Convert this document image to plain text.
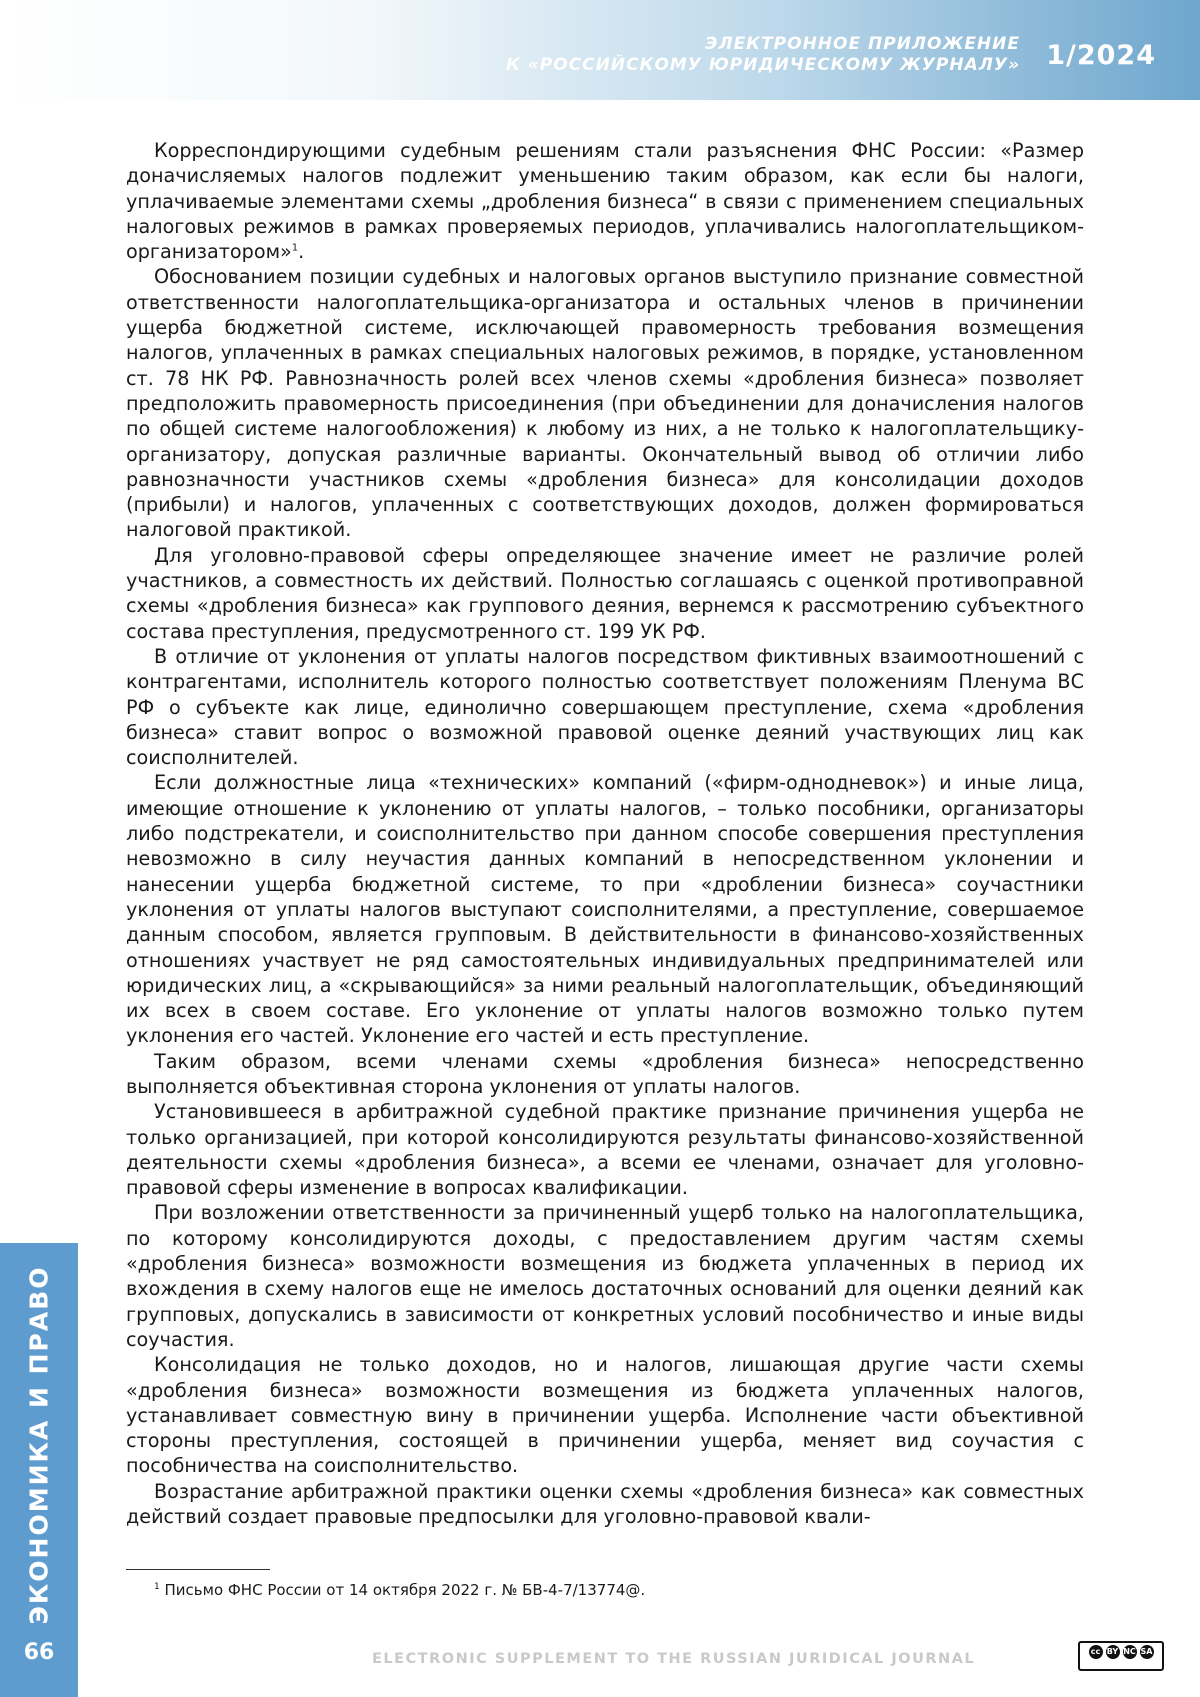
ЭЛЕКТРОННОЕ ПРИЛОЖЕНИЕ
К «РОССИЙСКОМУ ЮРИДИЧЕСКОМУ ЖУРНАЛУ» 1/2024
ЭКОНОМИКА И ПРАВО
66

Корреспондирующими судебным решениям стали разъяснения ФНС России: «Размер доначисляемых налогов подлежит уменьшению таким образом, как если бы налоги, уплачиваемые элементами схемы „дробления бизнеса“ в связи с применением специальных налоговых режимов в рамках проверяемых периодов, уплачивались налогоплательщиком-организатором»$^1$.

Обоснованием позиции судебных и налоговых органов выступило признание совместной ответственности налогоплательщика-организатора и остальных членов в причинении ущерба бюджетной системе, исключающей правомерность требования возмещения налогов, уплаченных в рамках специальных налоговых режимов, в порядке, установленном ст. 78 НК РФ. Равнозначность ролей всех членов схемы «дробления бизнеса» позволяет предположить правомерность присоединения (при объединении для доначисления налогов по общей системе налогообложения) к любому из них, а не только к налогоплательщику-организатору, допуская различные варианты. Окончательный вывод об отличии либо равнозначности участников схемы «дробления бизнеса» для консолидации доходов (прибыли) и налогов, уплаченных с соответствующих доходов, должен формироваться налоговой практикой.

Для уголовно-правовой сферы определяющее значение имеет не различие ролей участников, а совместность их действий. Полностью соглашаясь с оценкой противоправной схемы «дробления бизнеса» как группового деяния, вернемся к рассмотрению субъектного состава преступления, предусмотренного ст. 199 УК РФ.

В отличие от уклонения от уплаты налогов посредством фиктивных взаимоотношений с контрагентами, исполнитель которого полностью соответствует положениям Пленума ВС РФ о субъекте как лице, единолично совершающем преступление, схема «дробления бизнеса» ставит вопрос о возможной правовой оценке деяний участвующих лиц как соисполнителей.

Если должностные лица «технических» компаний («фирм-однодневок») и иные лица, имеющие отношение к уклонению от уплаты налогов, – только пособники, организаторы либо подстрекатели, и соисполнительство при данном способе совершения преступления невозможно в силу неучастия данных компаний в непосредственном уклонении и нанесении ущерба бюджетной системе, то при «дроблении бизнеса» соучастники уклонения от уплаты налогов выступают соисполнителями, а преступление, совершаемое данным способом, является групповым. В действительности в финансово-хозяйственных отношениях участвует не ряд самостоятельных индивидуальных предпринимателей или юридических лиц, а «скрывающийся» за ними реальный налогоплательщик, объединяющий их всех в своем составе. Его уклонение от уплаты налогов возможно только путем уклонения его частей. Уклонение его частей и есть преступление.

Таким образом, всеми членами схемы «дробления бизнеса» непосредственно выполняется объективная сторона уклонения от уплаты налогов.

Установившееся в арбитражной судебной практике признание причинения ущерба не только организацией, при которой консолидируются результаты финансово-хозяйственной деятельности схемы «дробления бизнеса», а всеми ее членами, означает для уголовно-правовой сферы изменение в вопросах квалификации.

При возложении ответственности за причиненный ущерб только на налогоплательщика, по которому консолидируются доходы, с предоставлением другим частям схемы «дробления бизнеса» возможности возмещения из бюджета уплаченных в период их вхождения в схему налогов еще не имелось достаточных оснований для оценки деяний как групповых, допускались в зависимости от конкретных условий пособничество и иные виды соучастия.

Консолидация не только доходов, но и налогов, лишающая другие части схемы «дробления бизнеса» возможности возмещения из бюджета уплаченных налогов, устанавливает совместную вину в причинении ущерба. Исполнение части объективной стороны преступления, состоящей в причинении ущерба, меняет вид соучастия с пособничества на соисполнительство.

Возрастание арбитражной практики оценки схемы «дробления бизнеса» как совместных действий создает правовые предпосылки для уголовно-правовой квали-

$^1$ Письмо ФНС России от 14 октября 2022 г. № БВ-4-7/13774@.
ELECTRONIC SUPPLEMENT TO THE RUSSIAN JURIDICAL JOURNAL	cc BY NC SA
